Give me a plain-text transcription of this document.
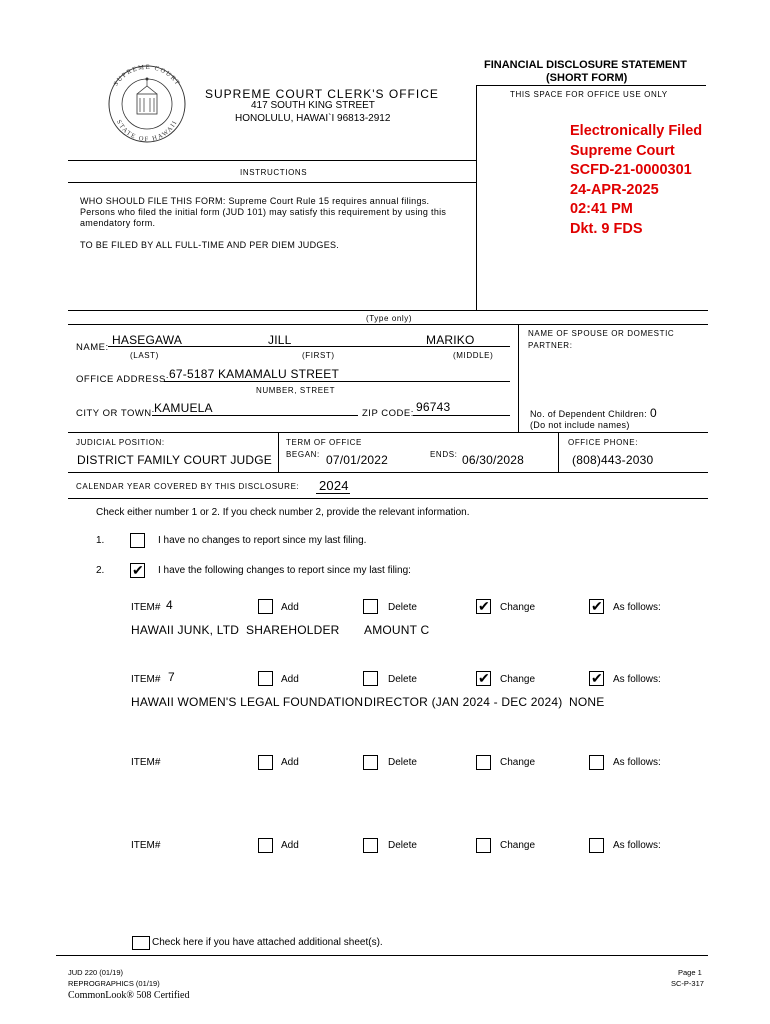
FINANCIAL DISCLOSURE STATEMENT
(SHORT FORM)
THIS SPACE FOR OFFICE USE ONLY
SUPREME COURT
STATE OF HAWAII
SUPREME COURT CLERK'S OFFICE
417 SOUTH KING STREET
HONOLULU, HAWAI`I 96813-2912
Electronically Filed
Supreme Court
SCFD-21-0000301
24-APR-2025
02:41 PM
Dkt. 9 FDS
INSTRUCTIONS
WHO SHOULD FILE THIS FORM: Supreme Court Rule 15 requires annual filings.
Persons who filed the initial form (JUD 101) may satisfy this requirement by using this
amendatory form.
TO BE FILED BY ALL FULL-TIME AND PER DIEM JUDGES.
(Type only)
NAME:
HASEGAWA	JILL	MARIKO
(LAST)	(FIRST)	(MIDDLE)
NAME OF SPOUSE OR DOMESTIC
PARTNER:
OFFICE ADDRESS: 67-5187 KAMAMALU STREET
NUMBER, STREET
CITY OR TOWN: KAMUELA	ZIP CODE: 96743	No. of Dependent Children: 0
(Do not include names)
JUDICIAL POSITION:
DISTRICT FAMILY COURT JUDGE
TERM OF OFFICE
BEGAN: 07/01/2022	ENDS: 06/30/2028
OFFICE PHONE:
(808)443-2030
CALENDAR YEAR COVERED BY THIS DISCLOSURE: 2024
Check either number 1 or 2. If you check number 2, provide the relevant information.
1.	I have no changes to report since my last filing.
2. ✔ I have the following changes to report since my last filing:
ITEM# 4	Add	Delete	✔ Change	✔ As follows:
HAWAII JUNK, LTD SHAREHOLDER AMOUNT C
ITEM# 7	Add	Delete	✔ Change	✔ As follows:
HAWAII WOMEN'S LEGAL FOUNDATION DIRECTOR (JAN 2024 - DEC 2024) NONE
ITEM#	Add	Delete	Change	As follows:
ITEM#	Add	Delete	Change	As follows:
Check here if you have attached additional sheet(s).
JUD 220 (01/19)
REPROGRAPHICS (01/19)
CommonLook® 508 Certified
Page 1
SC-P-317
